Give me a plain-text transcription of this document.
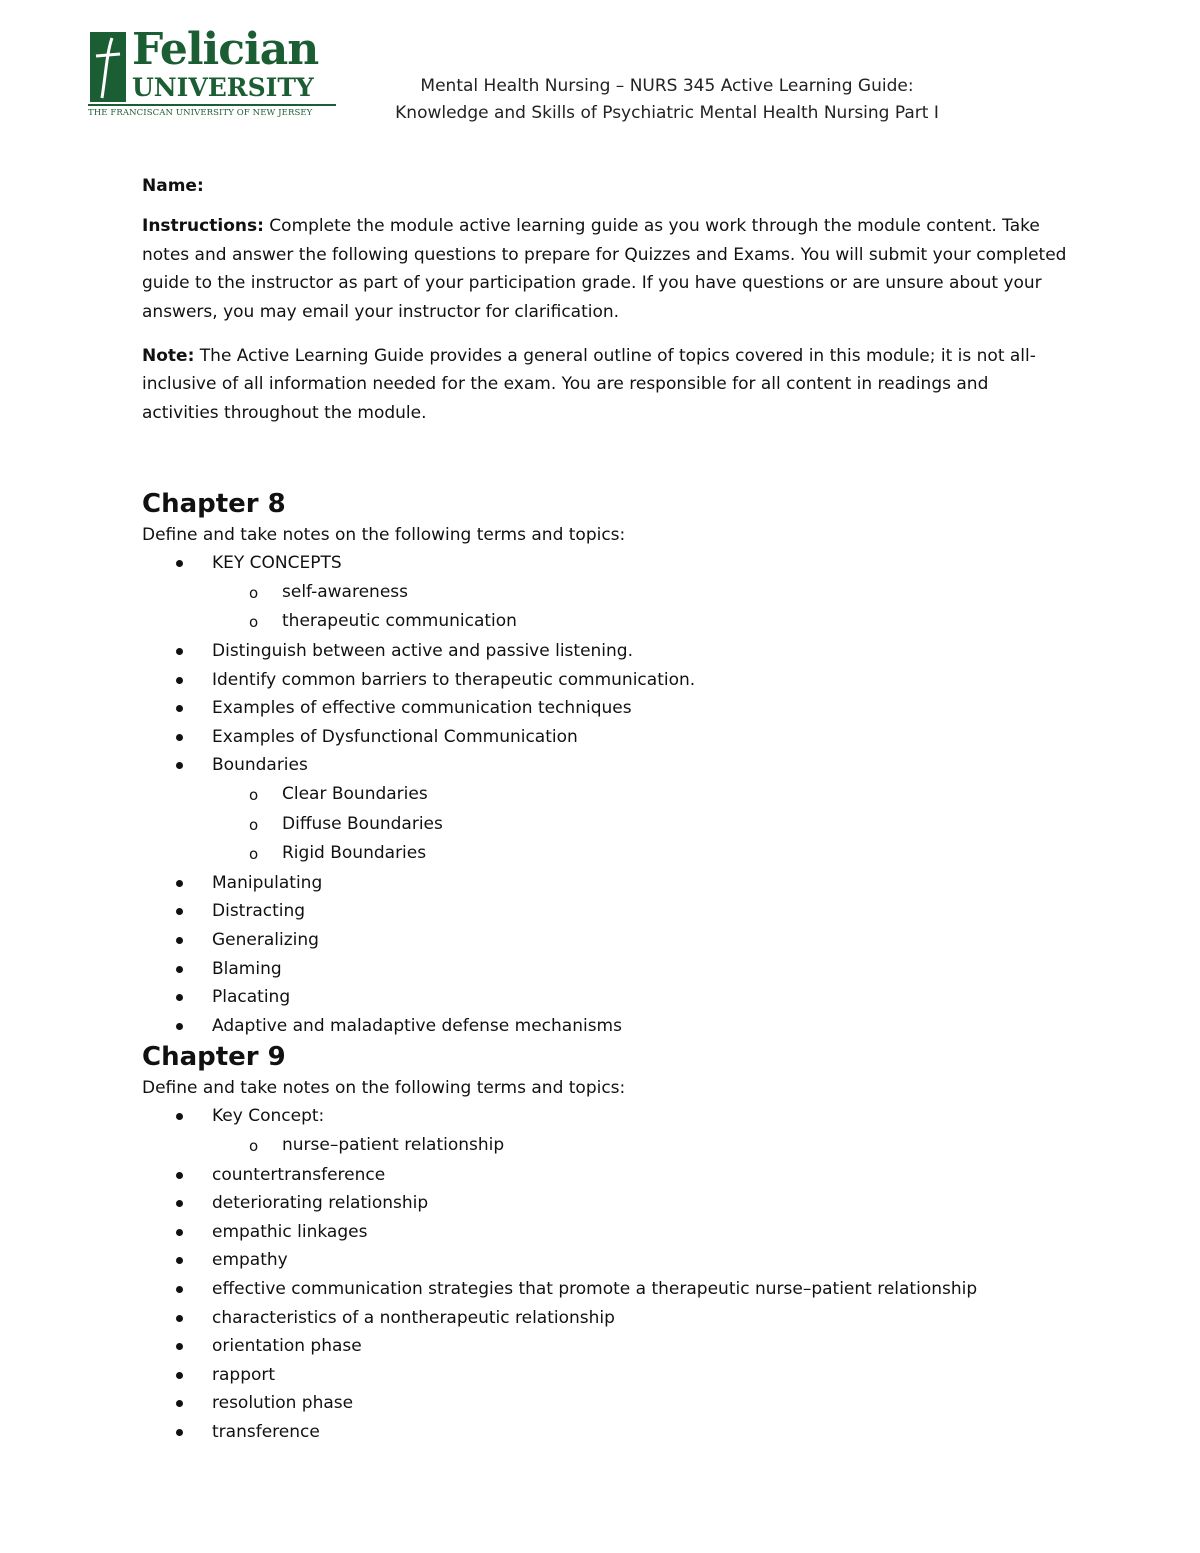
Felician
UNIVERSITY
THE FRANCISCAN UNIVERSITY OF NEW JERSEY
Mental Health Nursing – NURS 345 Active Learning Guide:
Knowledge and Skills of Psychiatric Mental Health Nursing Part I

Name:

Instructions: Complete the module active learning guide as you work through the module content. Take notes and answer the following questions to prepare for Quizzes and Exams. You will submit your completed guide to the instructor as part of your participation grade. If you have questions or are unsure about your answers, you may email your instructor for clarification.

Note: The Active Learning Guide provides a general outline of topics covered in this module; it is not all-inclusive of all information needed for the exam. You are responsible for all content in readings and activities throughout the module.

Chapter 8

Define and take notes on the following terms and topics:

KEY CONCEPTS
o self-awareness
o therapeutic communication
Distinguish between active and passive listening.
Identify common barriers to therapeutic communication.
Examples of effective communication techniques
Examples of Dysfunctional Communication
Boundaries
o Clear Boundaries
o Diffuse Boundaries
o Rigid Boundaries
Manipulating
Distracting
Generalizing
Blaming
Placating
Adaptive and maladaptive defense mechanisms
Chapter 9

Define and take notes on the following terms and topics:

Key Concept:
o nurse–patient relationship
countertransference
deteriorating relationship
empathic linkages
empathy
effective communication strategies that promote a therapeutic nurse–patient relationship
characteristics of a nontherapeutic relationship
orientation phase
rapport
resolution phase
transference
